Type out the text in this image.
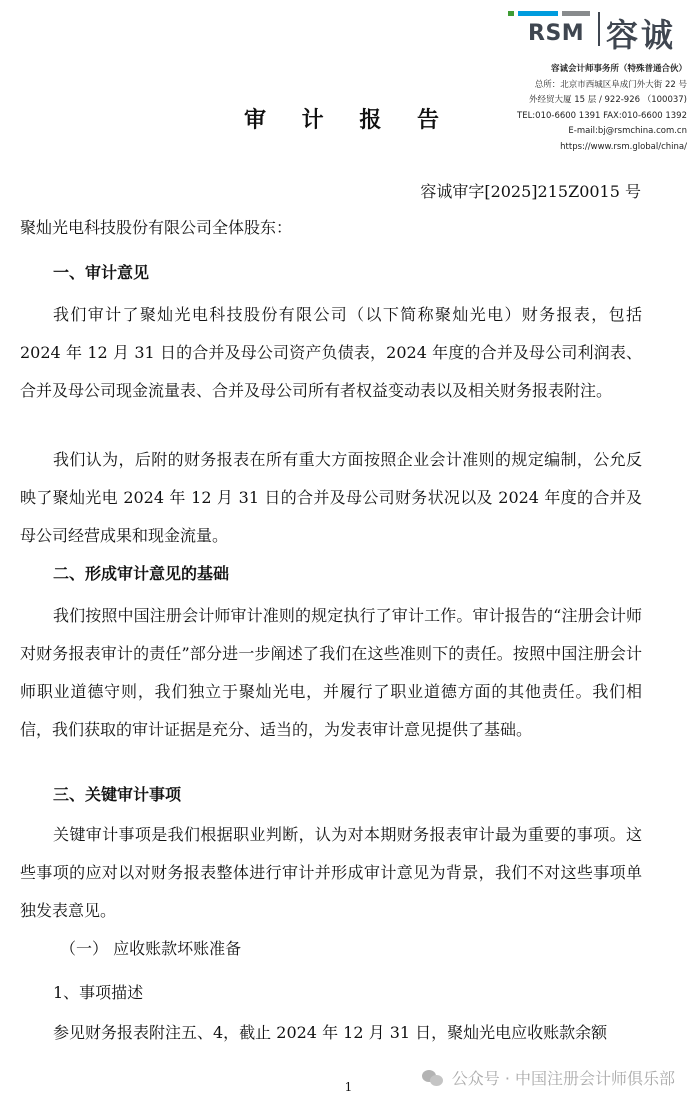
RSM 容诚
容诚会计师事务所（特殊普通合伙）
总所：北京市西城区阜成门外大街 22 号
外经贸大厦 15 层 / 922-926 （100037)
TEL:010-6600 1391 FAX:010-6600 1392
E-mail:bj@rsmchina.com.cn
https://www.rsm.global/china/
审 计 报 告
容诚审字[2025]215Z0015 号
聚灿光电科技股份有限公司全体股东：
一、审计意见
我们审计了聚灿光电科技股份有限公司（以下简称聚灿光电）财务报表，包括 2024 年 12 月 31 日的合并及母公司资产负债表，2024 年度的合并及母公司利润表、合并及母公司现金流量表、合并及母公司所有者权益变动表以及相关财务报表附注。
我们认为，后附的财务报表在所有重大方面按照企业会计准则的规定编制，公允反映了聚灿光电 2024 年 12 月 31 日的合并及母公司财务状况以及 2024 年度的合并及母公司经营成果和现金流量。
二、形成审计意见的基础
我们按照中国注册会计师审计准则的规定执行了审计工作。审计报告的“注册会计师对财务报表审计的责任”部分进一步阐述了我们在这些准则下的责任。按照中国注册会计师职业道德守则，我们独立于聚灿光电，并履行了职业道德方面的其他责任。我们相信，我们获取的审计证据是充分、适当的，为发表审计意见提供了基础。
三、关键审计事项
关键审计事项是我们根据职业判断，认为对本期财务报表审计最为重要的事项。这些事项的应对以对财务报表整体进行审计并形成审计意见为背景，我们不对这些事项单独发表意见。
（一） 应收账款坏账准备
1、事项描述
参见财务报表附注五、4，截止 2024 年 12 月 31 日，聚灿光电应收账款余额
1	公众号 · 中国注册会计师俱乐部
